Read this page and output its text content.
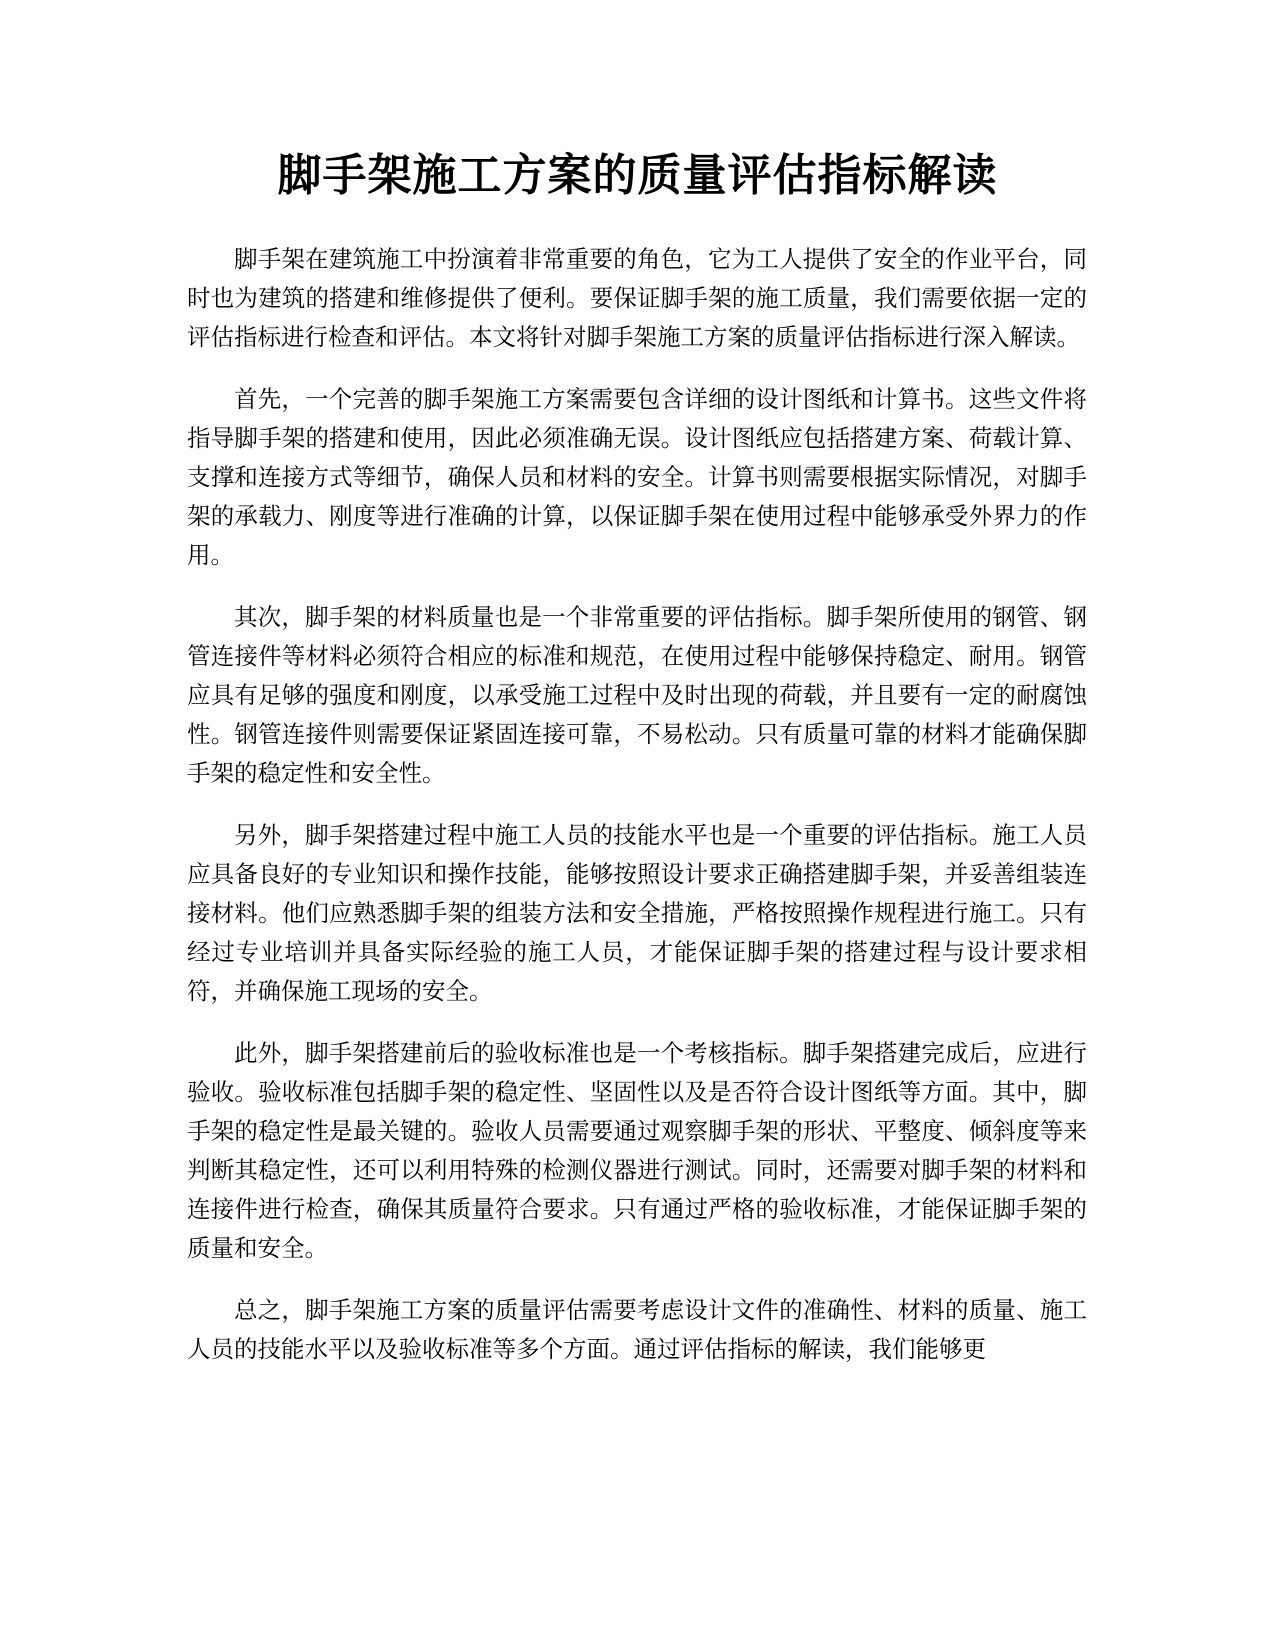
脚手架施工方案的质量评估指标解读

脚手架在建筑施工中扮演着非常重要的角色，它为工人提供了安全的作业平台，同时也为建筑的搭建和维修提供了便利。要保证脚手架的施工质量，我们需要依据一定的评估指标进行检查和评估。本文将针对脚手架施工方案的质量评估指标进行深入解读。

首先，一个完善的脚手架施工方案需要包含详细的设计图纸和计算书。这些文件将指导脚手架的搭建和使用，因此必须准确无误。设计图纸应包括搭建方案、荷载计算、支撑和连接方式等细节，确保人员和材料的安全。计算书则需要根据实际情况，对脚手架的承载力、刚度等进行准确的计算，以保证脚手架在使用过程中能够承受外界力的作用。

其次，脚手架的材料质量也是一个非常重要的评估指标。脚手架所使用的钢管、钢管连接件等材料必须符合相应的标准和规范，在使用过程中能够保持稳定、耐用。钢管应具有足够的强度和刚度，以承受施工过程中及时出现的荷载，并且要有一定的耐腐蚀性。钢管连接件则需要保证紧固连接可靠，不易松动。只有质量可靠的材料才能确保脚手架的稳定性和安全性。

另外，脚手架搭建过程中施工人员的技能水平也是一个重要的评估指标。施工人员应具备良好的专业知识和操作技能，能够按照设计要求正确搭建脚手架，并妥善组装连接材料。他们应熟悉脚手架的组装方法和安全措施，严格按照操作规程进行施工。只有经过专业培训并具备实际经验的施工人员，才能保证脚手架的搭建过程与设计要求相符，并确保施工现场的安全。

此外，脚手架搭建前后的验收标准也是一个考核指标。脚手架搭建完成后，应进行验收。验收标准包括脚手架的稳定性、坚固性以及是否符合设计图纸等方面。其中，脚手架的稳定性是最关键的。验收人员需要通过观察脚手架的形状、平整度、倾斜度等来判断其稳定性，还可以利用特殊的检测仪器进行测试。同时，还需要对脚手架的材料和连接件进行检查，确保其质量符合要求。只有通过严格的验收标准，才能保证脚手架的质量和安全。

总之，脚手架施工方案的质量评估需要考虑设计文件的准确性、材料的质量、施工人员的技能水平以及验收标准等多个方面。通过评估指标的解读，我们能够更
